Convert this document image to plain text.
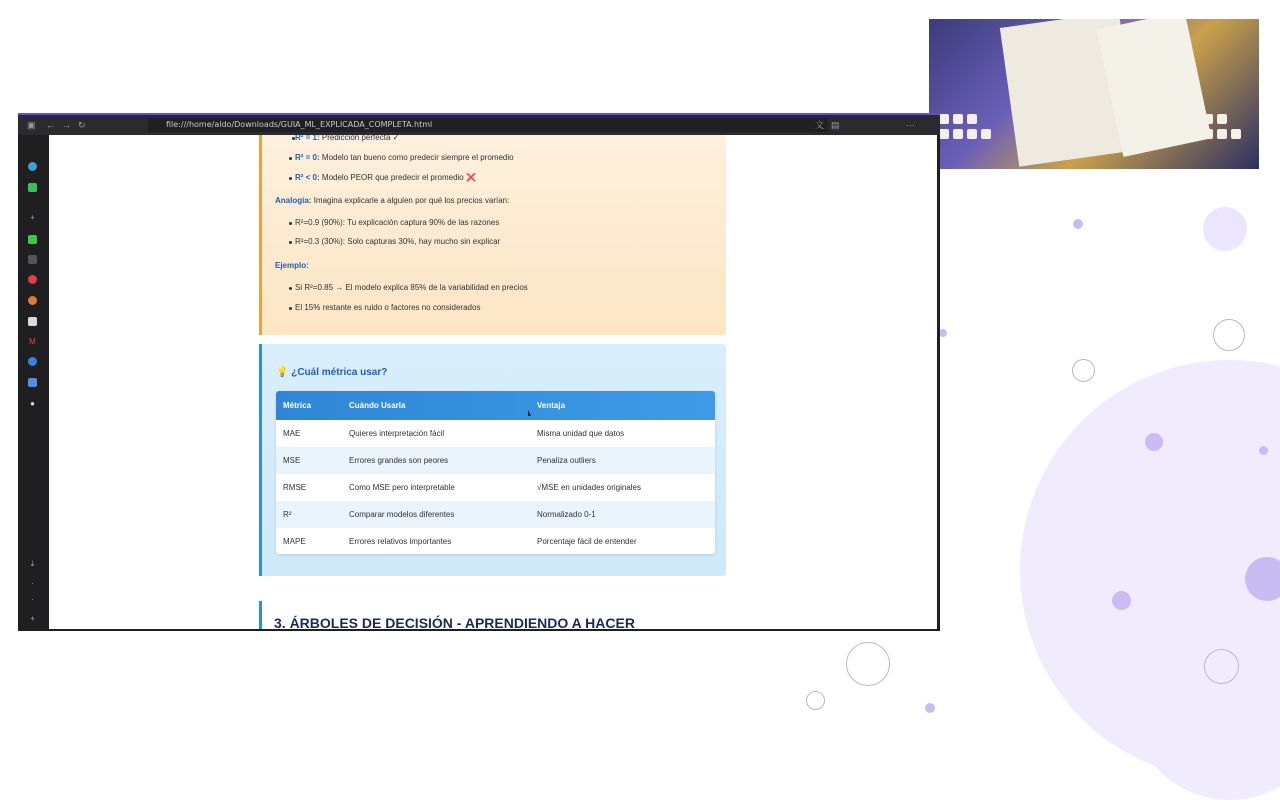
▣ ← → ↻	file:///home/aldo/Downloads/GUIA_ML_EXPLICADA_COMPLETA.html	文 ▤	⋯
+
M
●
⤓
·
·
+
R² = 1: Predicción perfecta ✓
R² = 0: Modelo tan bueno como predecir siempre el promedio
R² < 0: Modelo PEOR que predecir el promedio ❌
Analogía: Imagina explicarle a alguien por qué los precios varían:
R²=0.9 (90%): Tu explicación captura 90% de las razones
R²=0.3 (30%): Solo capturas 30%, hay mucho sin explicar
Ejemplo:
Si R²=0.85 → El modelo explica 85% de la variabilidad en precios
El 15% restante es ruido o factores no considerados
💡 ¿Cuál métrica usar?
Métrica	Cuándo Usarla	Ventaja
MAE	Quieres interpretación fácil	Misma unidad que datos
MSE	Errores grandes son peores	Penaliza outliers
RMSE	Como MSE pero interpretable	√MSE en unidades originales
R²	Comparar modelos diferentes	Normalizado 0-1
MAPE	Errores relativos importantes	Porcentaje fácil de entender
3. ÁRBOLES DE DECISIÓN - APRENDIENDO A HACER
